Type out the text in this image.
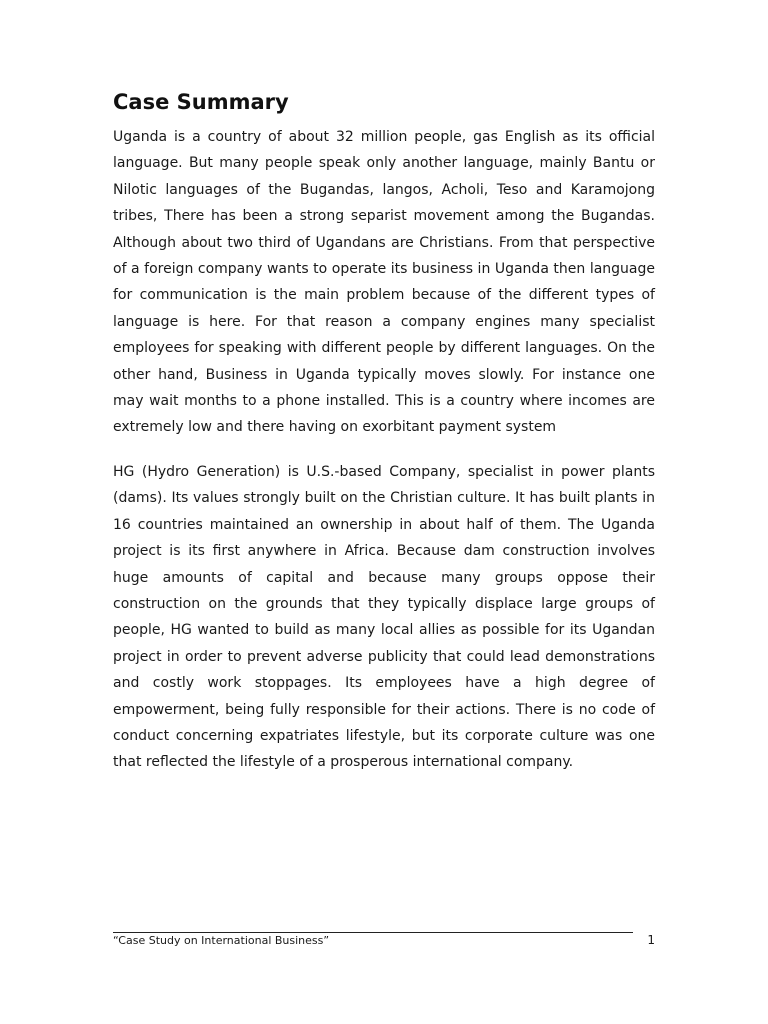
Case Summary

Uganda is a country of about 32 million people, gas English as its official language. But many people speak only another language, mainly Bantu or Nilotic languages of the Bugandas, langos, Acholi, Teso and Karamojong tribes, There has been a strong separist movement among the Bugandas. Although about two third of Ugandans are Christians. From that perspective of a foreign company wants to operate its business in Uganda then language for communication is the main problem because of the different types of language is here. For that reason a company engines many specialist employees for speaking with different people by different languages. On the other hand, Business in Uganda typically moves slowly. For instance one may wait months to a phone installed. This is a country where incomes are extremely low and there having on exorbitant payment system

HG (Hydro Generation) is U.S.-based Company, specialist in power plants (dams). Its values strongly built on the Christian culture. It has built plants in 16 countries maintained an ownership in about half of them. The Uganda project is its first anywhere in Africa. Because dam construction involves huge amounts of capital and because many groups oppose their construction on the grounds that they typically displace large groups of people, HG wanted to build as many local allies as possible for its Ugandan project in order to prevent adverse publicity that could lead demonstrations and costly work stoppages. Its employees have a high degree of empowerment, being fully responsible for their actions. There is no code of conduct concerning expatriates lifestyle, but its corporate culture was one that reflected the lifestyle of a prosperous international company.

“Case Study on International Business”	1
